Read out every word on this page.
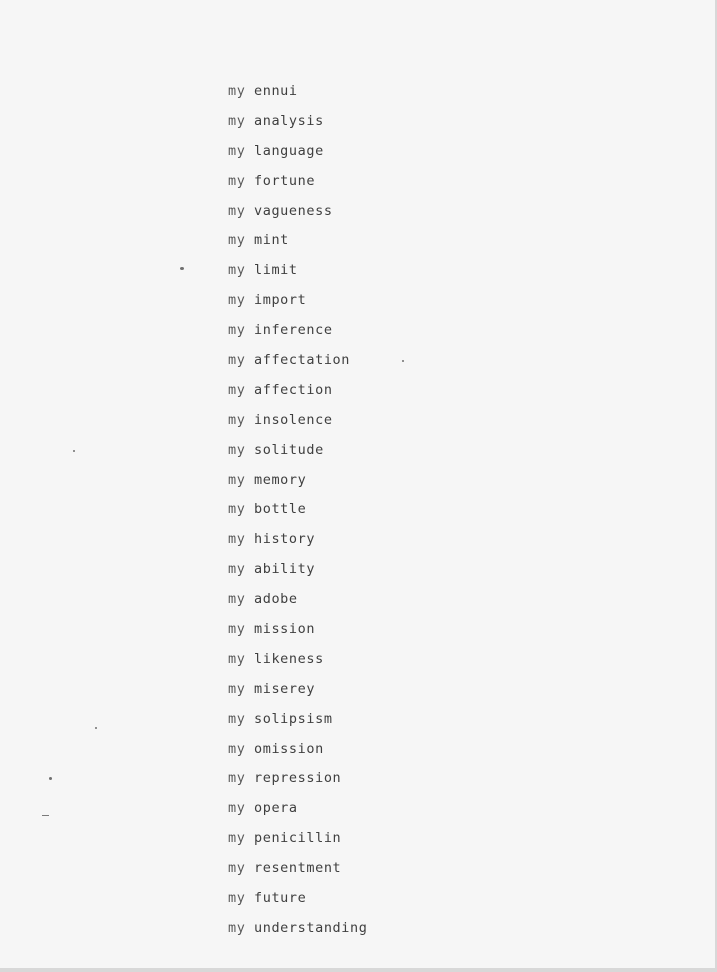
my ennui
my analysis
my language
my fortune
my vagueness
my mint
my limit
my import
my inference
my affectation
my affection
my insolence
my solitude
my memory
my bottle
my history
my ability
my adobe
my mission
my likeness
my miserey
my solipsism
my omission
my repression
my opera
my penicillin
my resentment
my future
my understanding
